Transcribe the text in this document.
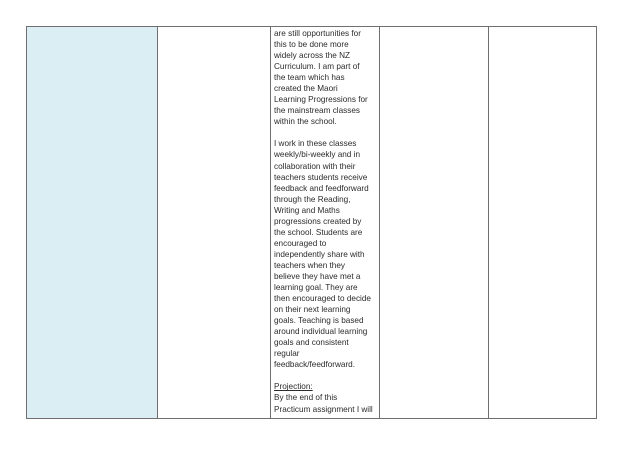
are still opportunities for
this to be done more
widely across the NZ
Curriculum. I am part of
the team which has
created the Maori
Learning Progressions for
the mainstream classes
within the school.

I work in these classes
weekly/bi-weekly and in
collaboration with their
teachers students receive
feedback and feedforward
through the Reading,
Writing and Maths
progressions created by
the school. Students are
encouraged to
independently share with
teachers when they
believe they have met a
learning goal. They are
then encouraged to decide
on their next learning
goals. Teaching is based
around individual learning
goals and consistent
regular
feedback/feedforward.

Projection:

By the end of this
Practicum assignment I will
